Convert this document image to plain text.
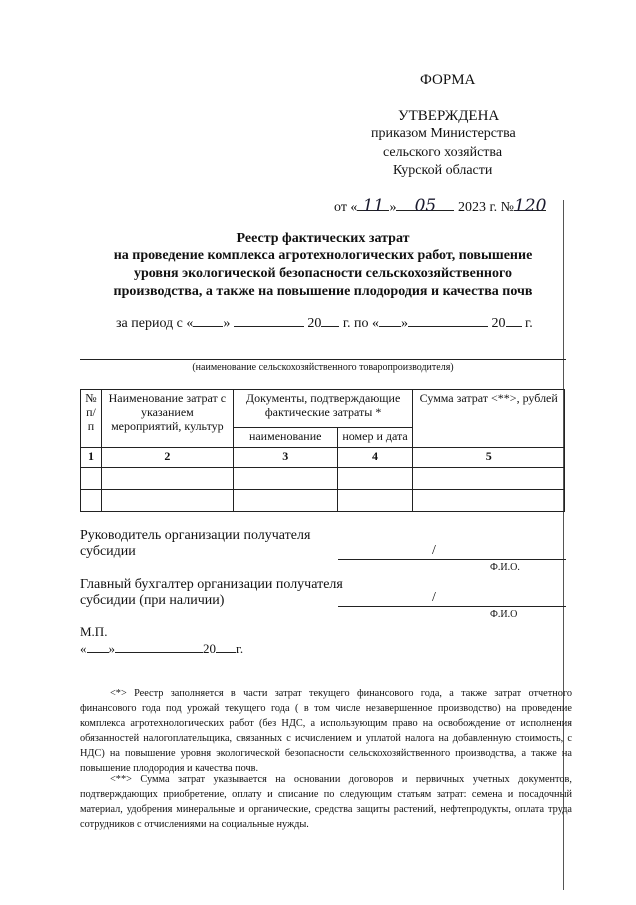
ФОРМА
УТВЕРЖДЕНА
приказом Министерства
сельского хозяйства
Курской области
от « 11 » 05 2023 г. №120
Реестр фактических затрат
на проведение комплекса агротехнологических работ, повышение
уровня экологической безопасности сельскохозяйственного
производства, а также на повышение плодородия и качества почв
за период с « »	20 г. по « »	20 г.
(наименование сельскохозяйственного товаропроизводителя)
№ п/п	Наименование затрат с указанием мероприятий, культур	Документы, подтверждающие фактические затраты *		Сумма затрат <**>, рублей
		наименование	номер и дата	
1	2	3	4	5

Руководитель организации получателя
субсидии	/
Ф.И.О.
Главный бухгалтер организации получателя
субсидии (при наличии)	/
Ф.И.О
М.П.
« »	20 г.
<*> Реестр заполняется в части затрат текущего финансового года, а также затрат отчетного финансового года под урожай текущего года ( в том числе незавершенное производство) на проведение комплекса агротехнологических работ (без НДС, а использующим право на освобождение от исполнения обязанностей налогоплательщика, связанных с исчислением и уплатой налога на добавленную стоимость, с НДС) на повышение уровня экологической безопасности сельскохозяйственного производства, а также на повышение плодородия и качества почв.
<**> Сумма затрат указывается на основании договоров и первичных учетных документов, подтверждающих приобретение, оплату и списание по следующим статьям затрат: семена и посадочный материал, удобрения минеральные и органические, средства защиты растений, нефтепродукты, оплата труда сотрудников с отчислениями на социальные нужды.
